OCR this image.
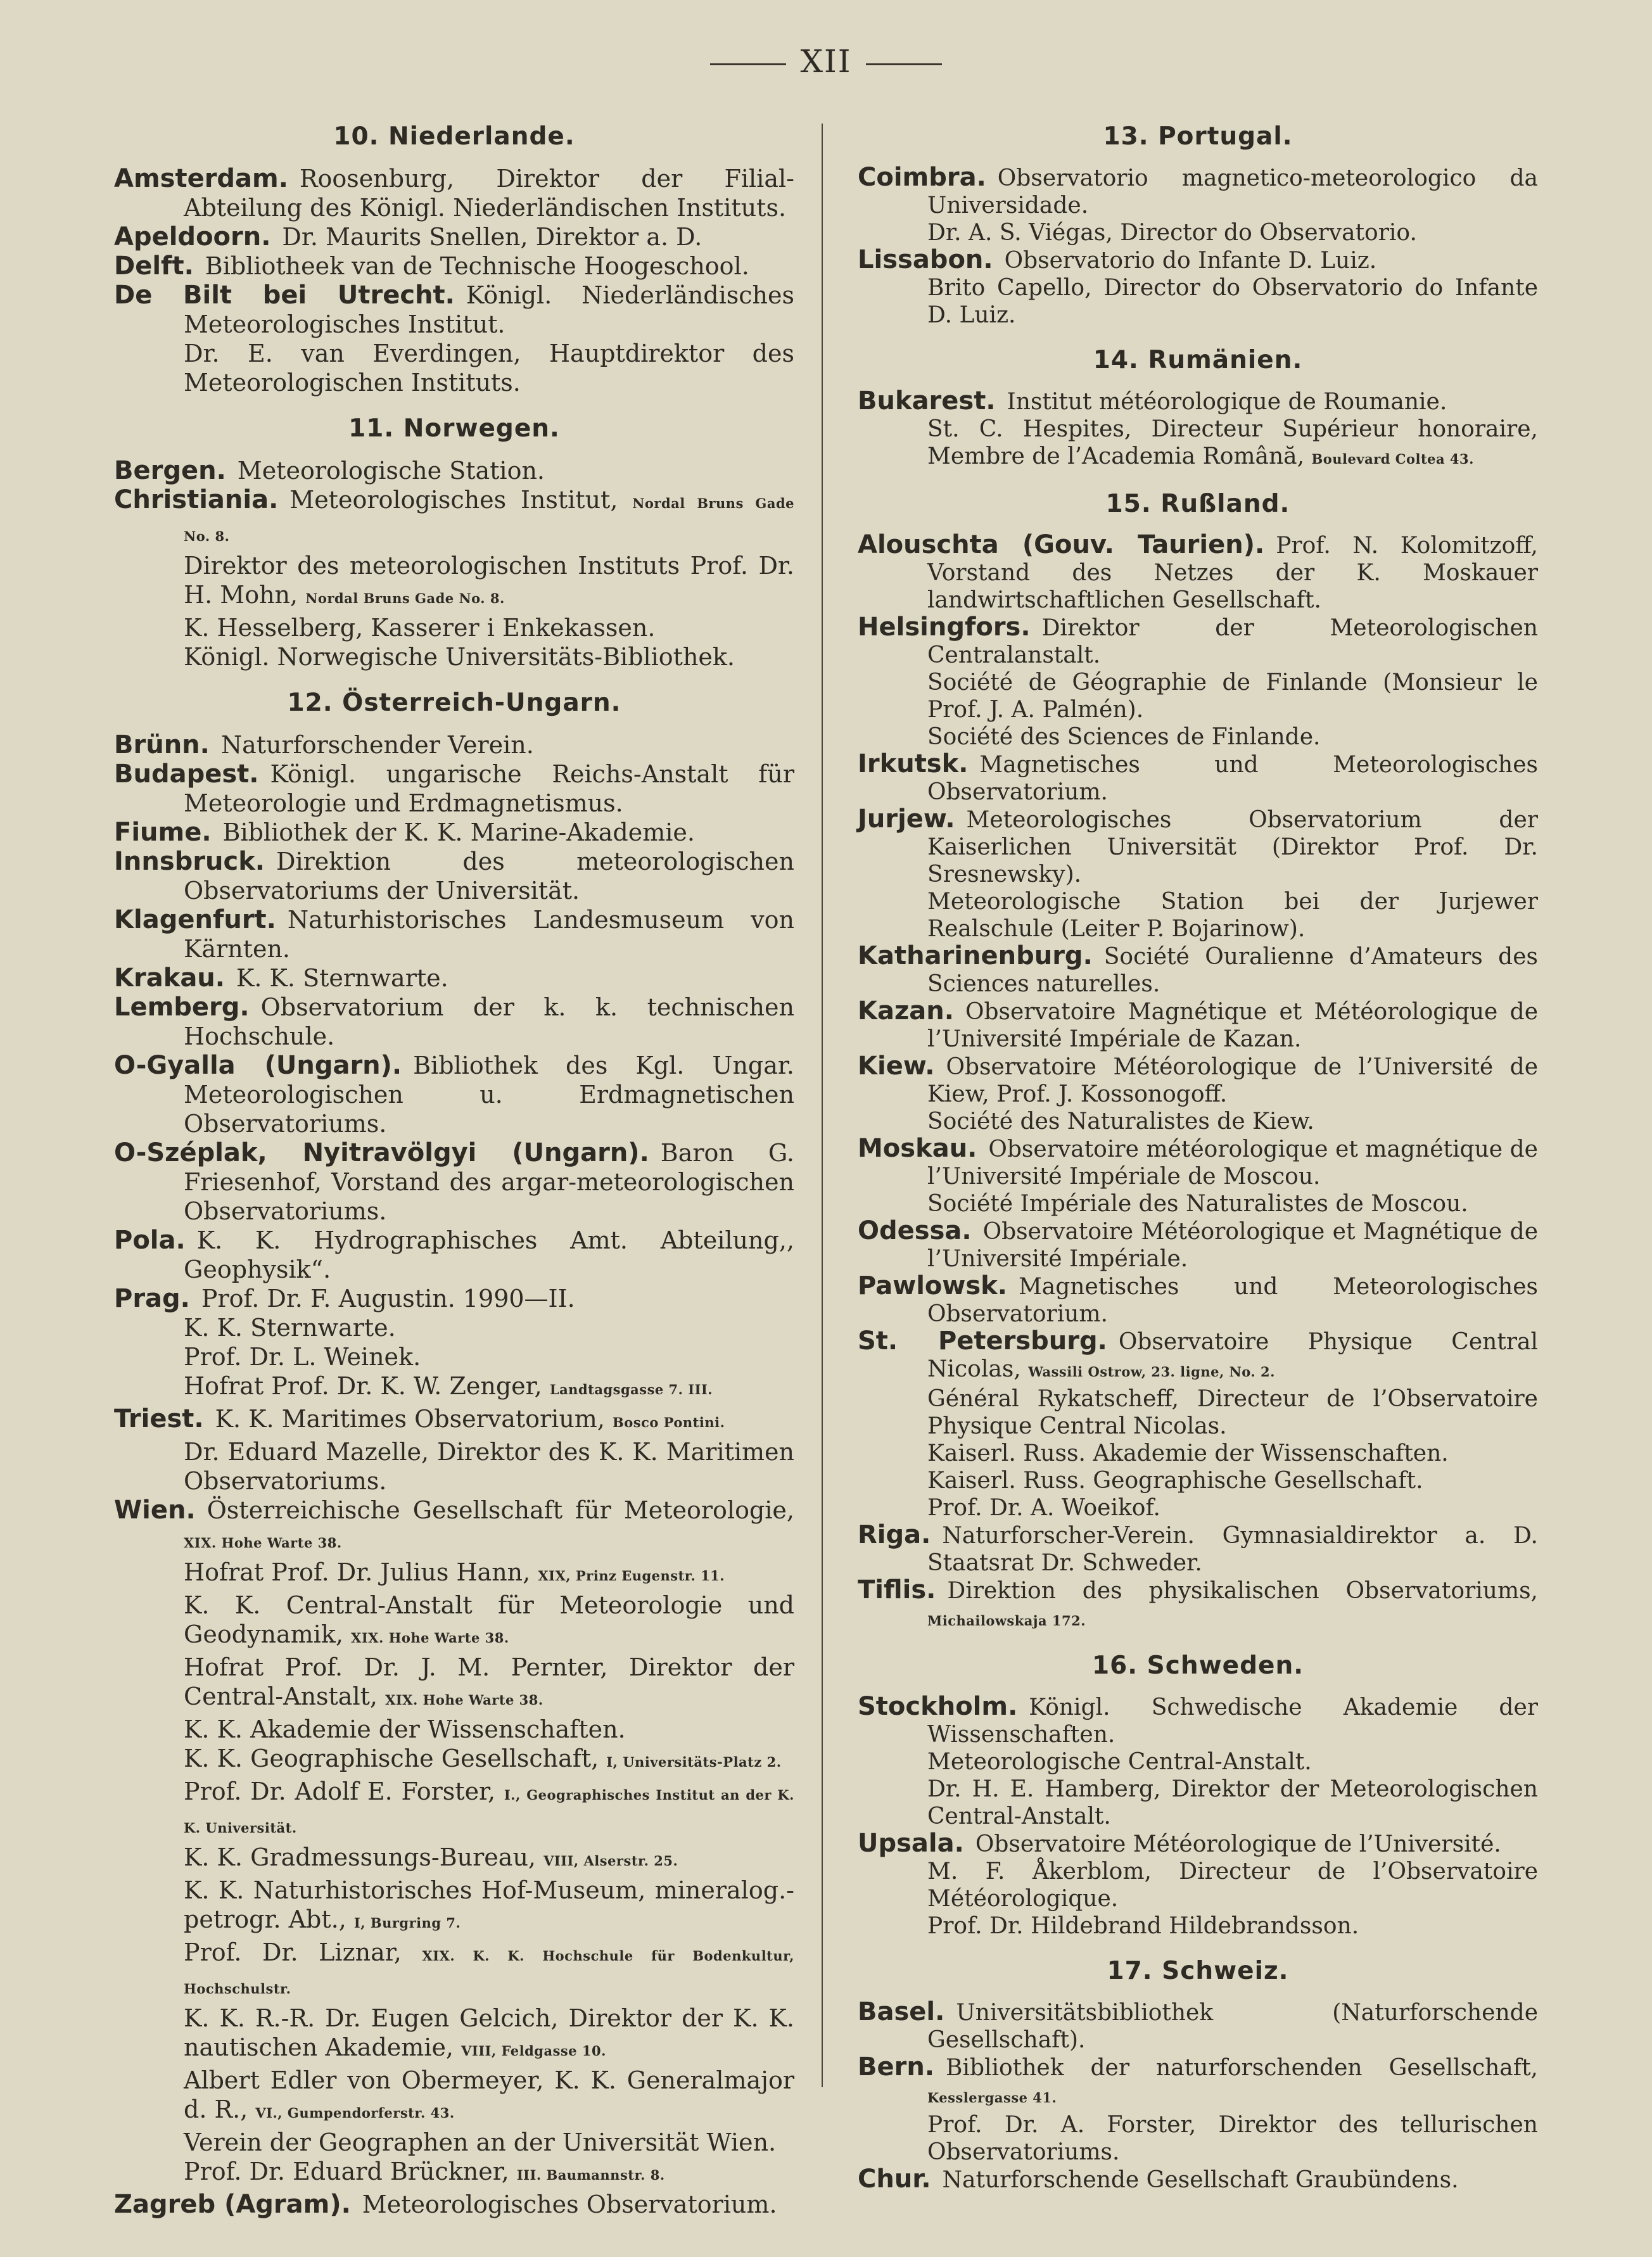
XII
10. Niederlande.
Amsterdam. Roosenburg, Direktor der Filial-Abteilung des Königl. Niederländischen Instituts.
Apeldoorn. Dr. Maurits Snellen, Direktor a. D.
Delft. Bibliotheek van de Technische Hoogeschool.
De Bilt bei Utrecht. Königl. Niederländisches Meteorologisches Institut.
Dr. E. van Everdingen, Hauptdirektor des Meteorologischen Instituts.
11. Norwegen.
Bergen. Meteorologische Station.
Christiania. Meteorologisches Institut, Nordal Bruns Gade No. 8.
Direktor des meteorologischen Instituts Prof. Dr. H. Mohn, Nordal Bruns Gade No. 8.
K. Hesselberg, Kasserer i Enkekassen.
Königl. Norwegische Universitäts-Bibliothek.
12. Österreich-Ungarn.
Brünn. Naturforschender Verein.
Budapest. Königl. ungarische Reichs-Anstalt für Meteorologie und Erdmagnetismus.
Fiume. Bibliothek der K. K. Marine-Akademie.
Innsbruck. Direktion des meteorologischen Observatoriums der Universität.
Klagenfurt. Naturhistorisches Landesmuseum von Kärnten.
Krakau. K. K. Sternwarte.
Lemberg. Observatorium der k. k. technischen Hochschule.
O-Gyalla (Ungarn). Bibliothek des Kgl. Ungar. Meteorologischen u. Erdmagnetischen Observatoriums.
O-Széplak, Nyitravölgyi (Ungarn). Baron G. Friesenhof, Vorstand des argar-meteorologischen Observatoriums.
Pola. K. K. Hydrographisches Amt. Abteilung,, Geophysik“.
Prag. Prof. Dr. F. Augustin. 1990—II.
K. K. Sternwarte.
Prof. Dr. L. Weinek.
Hofrat Prof. Dr. K. W. Zenger, Landtagsgasse 7. III.
Triest. K. K. Maritimes Observatorium, Bosco Pontini.
Dr. Eduard Mazelle, Direktor des K. K. Maritimen Observatoriums.
Wien. Österreichische Gesellschaft für Meteorologie, XIX. Hohe Warte 38.
Hofrat Prof. Dr. Julius Hann, XIX, Prinz Eugenstr. 11.
K. K. Central-Anstalt für Meteorologie und Geodynamik, XIX. Hohe Warte 38.
Hofrat Prof. Dr. J. M. Pernter, Direktor der Central-Anstalt, XIX. Hohe Warte 38.
K. K. Akademie der Wissenschaften.
K. K. Geographische Gesellschaft, I, Universitäts-Platz 2.
Prof. Dr. Adolf E. Forster, I., Geographisches Institut an der K. K. Universität.
K. K. Gradmessungs-Bureau, VIII, Alserstr. 25.
K. K. Naturhistorisches Hof-Museum, mineralog.-petrogr. Abt., I, Burgring 7.
Prof. Dr. Liznar, XIX. K. K. Hochschule für Bodenkultur, Hochschulstr.
K. K. R.-R. Dr. Eugen Gelcich, Direktor der K. K. nautischen Akademie, VIII, Feldgasse 10.
Albert Edler von Obermeyer, K. K. Generalmajor d. R., VI., Gumpendorferstr. 43.
Verein der Geographen an der Universität Wien.
Prof. Dr. Eduard Brückner, III. Baumannstr. 8.
Zagreb (Agram). Meteorologisches Observatorium.
13. Portugal.
Coimbra. Observatorio magnetico-meteorologico da Universidade.
Dr. A. S. Viégas, Director do Observatorio.
Lissabon. Observatorio do Infante D. Luiz.
Brito Capello, Director do Observatorio do Infante D. Luiz.
14. Rumänien.
Bukarest. Institut météorologique de Roumanie.
St. C. Hespites, Directeur Supérieur honoraire, Membre de l’Academia Română, Boulevard Coltea 43.
15. Rußland.
Alouschta (Gouv. Taurien). Prof. N. Kolomitzoff, Vorstand des Netzes der K. Moskauer landwirtschaftlichen Gesellschaft.
Helsingfors. Direktor der Meteorologischen Centralanstalt.
Société de Géographie de Finlande (Monsieur le Prof. J. A. Palmén).
Société des Sciences de Finlande.
Irkutsk. Magnetisches und Meteorologisches Observatorium.
Jurjew. Meteorologisches Observatorium der Kaiserlichen Universität (Direktor Prof. Dr. Sresnewsky).
Meteorologische Station bei der Jurjewer Realschule (Leiter P. Bojarinow).
Katharinenburg. Société Ouralienne d’Amateurs des Sciences naturelles.
Kazan. Observatoire Magnétique et Météorologique de l’Université Impériale de Kazan.
Kiew. Observatoire Météorologique de l’Université de Kiew, Prof. J. Kossonogoff.
Société des Naturalistes de Kiew.
Moskau. Observatoire météorologique et magnétique de l’Université Impériale de Moscou.
Société Impériale des Naturalistes de Moscou.
Odessa. Observatoire Météorologique et Magnétique de l’Université Impériale.
Pawlowsk. Magnetisches und Meteorologisches Observatorium.
St. Petersburg. Observatoire Physique Central Nicolas, Wassili Ostrow, 23. ligne, No. 2.
Général Rykatscheff, Directeur de l’Observatoire Physique Central Nicolas.
Kaiserl. Russ. Akademie der Wissenschaften.
Kaiserl. Russ. Geographische Gesellschaft.
Prof. Dr. A. Woeikof.
Riga. Naturforscher-Verein. Gymnasialdirektor a. D. Staatsrat Dr. Schweder.
Tiflis. Direktion des physikalischen Observatoriums, Michailowskaja 172.
16. Schweden.
Stockholm. Königl. Schwedische Akademie der Wissenschaften.
Meteorologische Central-Anstalt.
Dr. H. E. Hamberg, Direktor der Meteorologischen Central-Anstalt.
Upsala. Observatoire Météorologique de l’Université.
M. F. Åkerblom, Directeur de l’Observatoire Météorologique.
Prof. Dr. Hildebrand Hildebrandsson.
17. Schweiz.
Basel. Universitätsbibliothek (Naturforschende Gesellschaft).
Bern. Bibliothek der naturforschenden Gesellschaft, Kesslergasse 41.
Prof. Dr. A. Forster, Direktor des tellurischen Observatoriums.
Chur. Naturforschende Gesellschaft Graubündens.
